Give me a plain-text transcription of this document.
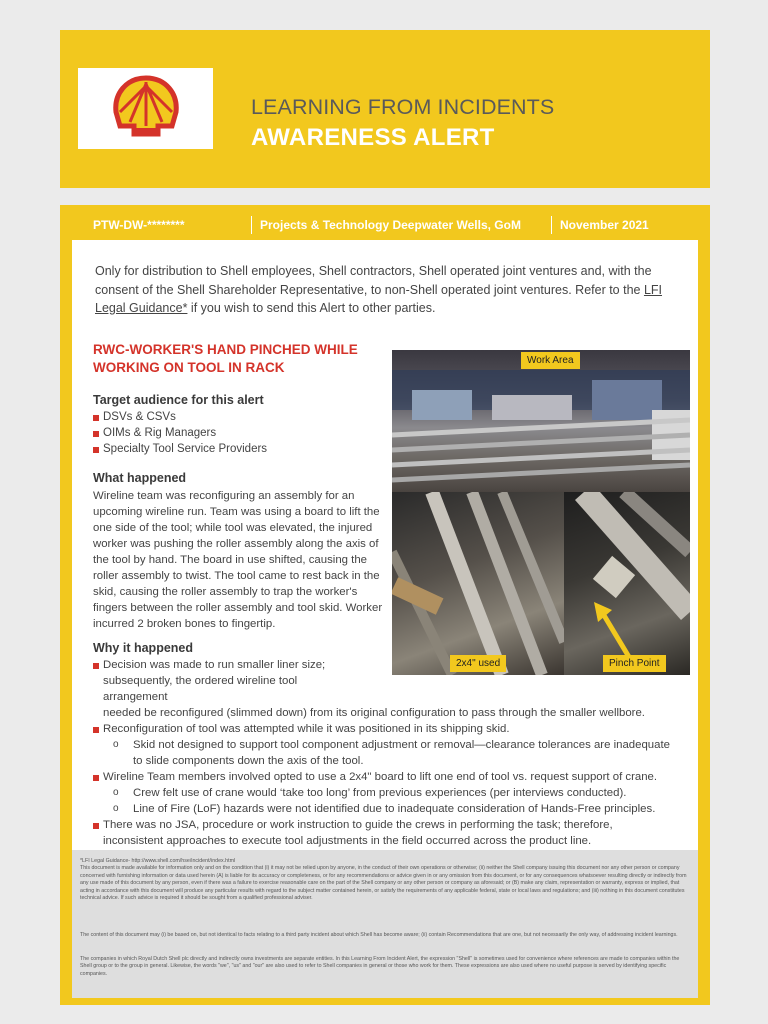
LEARNING FROM INCIDENTS
AWARENESS ALERT
PTW-DW-********	Projects & Technology Deepwater Wells, GoM	November 2021
Only for distribution to Shell employees, Shell contractors, Shell operated joint ventures and, with the consent of the Shell Shareholder Representative, to non-Shell operated joint ventures. Refer to the LFI Legal Guidance* if you wish to send this Alert to other parties.
RWC-WORKER'S HAND PINCHED WHILE WORKING ON TOOL IN RACK
Target audience for this alert
DSVs & CSVs
OIMs & Rig Managers
Specialty Tool Service Providers
What happened
Wireline team was reconfiguring an assembly for an upcoming wireline run. Team was using a board to lift the one side of the tool; while tool was elevated, the injured worker was pushing the roller assembly along the axis of the tool by hand. The board in use shifted, causing the roller assembly to twist. The tool came to rest back in the skid, causing the roller assembly to trap the worker's fingers between the roller assembly and tool skid. Worker incurred 2 broken bones to fingertip.
Why it happened
Decision was made to run smaller liner size; subsequently, the ordered wireline tool arrangement
needed be reconfigured (slimmed down) from its original configuration to pass through the smaller wellbore.
Reconfiguration of tool was attempted while it was positioned in its shipping skid.
o Skid not designed to support tool component adjustment or removal—clearance tolerances are inadequate to slide components down the axis of the tool.
Wireline Team members involved opted to use a 2x4" board to lift one end of tool vs. request support of crane.
o Crew felt use of crane would ‘take too long’ from previous experiences (per interviews conducted).
o Line of Fire (LoF) hazards were not identified due to inadequate consideration of Hands-Free principles.
There was no JSA, procedure or work instruction to guide the crews in performing the task; therefore, inconsistent approaches to execute tool adjustments in the field occurred across the product line.
Work Area
2x4" used	Pinch Point

*LFI Legal Guidance- http://www.shell.com/hse/incident/index.html

This document is made available for information only and on the condition that (i) it may not be relied upon by anyone, in the conduct of their own operations or otherwise; (ii) neither the Shell company issuing this document nor any other person or company concerned with furnishing information or data used herein (A) is liable for its accuracy or completeness, or for any recommendations or advice given in or any omission from this document, or for any consequences whatsoever resulting directly or indirectly from any use made of this document by any person, even if there was a failure to exercise reasonable care on the part of the Shell company or any other person or company as aforesaid; or (B) make any claim, representation or warranty, express or implied, that acting in accordance with this document will produce any particular results with regard to the subject matter contained herein, or satisfy the requirements of any applicable federal, state or local laws and regulations; and (iii) nothing in this document constitutes technical advice. If such advice is required it should be sought from a qualified professional adviser.

The content of this document may (i) be based on, but not identical to facts relating to a third party incident about which Shell has become aware; (ii) contain Recommendations that are one, but not necessarily the only way, of addressing incident learnings.

The companies in which Royal Dutch Shell plc directly and indirectly owns investments are separate entities. In this Learning From Incident Alert, the expression "Shell" is sometimes used for convenience where references are made to companies within the Shell group or to the group in general. Likewise, the words "we", "us" and "our" are also used to refer to Shell companies in general or those who work for them. These expressions are also used where no useful purpose is served by identifying specific companies.
